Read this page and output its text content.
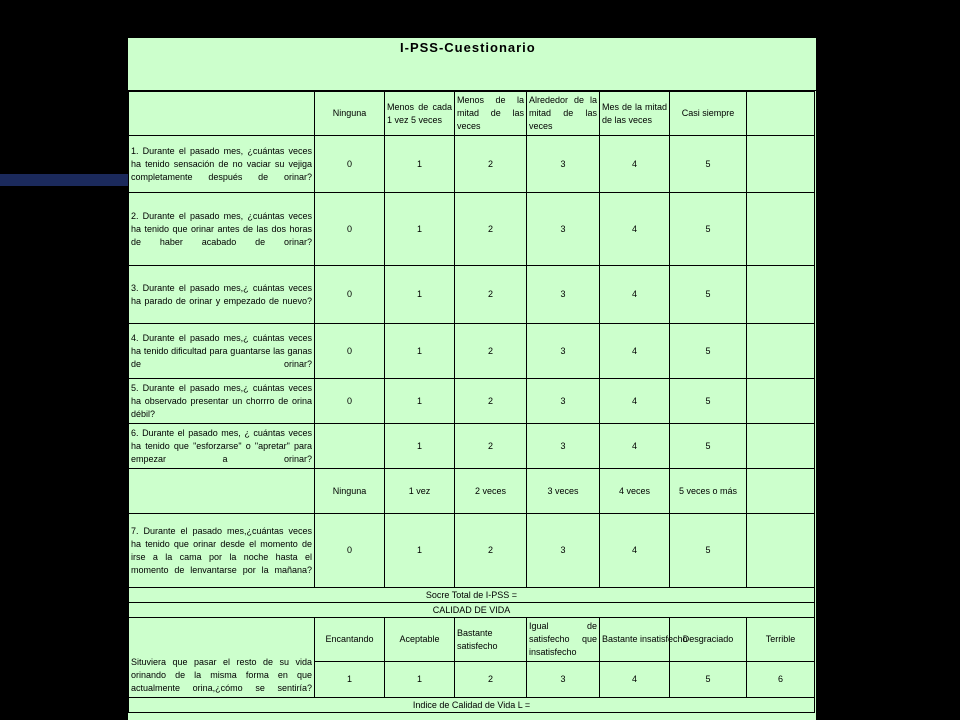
I-PSS-Cuestionario
	Ninguna	Menos de cada 1 vez 5 veces	Menos de la mitad de las veces	Alrededor de la mitad de las veces	Mes de la mitad de las veces	Casi siempre	
1. Durante el pasado mes, ¿cuántas veces ha tenido sensación de no vaciar su vejiga completamente después de orinar?	0	1	2	3	4	5	
2. Durante el pasado mes, ¿cuántas veces ha tenido que orinar antes de las dos horas de haber acabado de orinar?	0	1	2	3	4	5	
3. Durante el pasado mes,¿ cuántas veces ha parado de orinar y empezado de nuevo?	0	1	2	3	4	5	
4. Durante el pasado mes,¿ cuántas veces ha tenido dificultad para guantarse las ganas de orinar?	0	1	2	3	4	5	
5. Durante el pasado mes,¿ cuántas veces ha observado presentar un chorrro de orina débil?	0	1	2	3	4	5	
6. Durante el pasado mes, ¿ cuántas veces ha tenido que "esforzarse" o "apretar" para empezar a orinar?		1	2	3	4	5	
	Ninguna	1 vez	2 veces	3 veces	4 veces	5 veces o más	
7. Durante el pasado mes,¿cuántas veces ha tenido que orinar desde el momento de irse a la cama por la noche hasta el momento de lenvantarse por la mañana?	0	1	2	3	4	5	
Socre Total de I-PSS =							
CALIDAD DE VIDA							
Situviera que pasar el resto de su vida orinando de la misma forma en que actualmente orina,¿cómo se sentiría?	Encantando	Aceptable	Bastante satisfecho	Igual de satisfecho que insatisfecho	Bastante insatisfecho	Desgraciado	Terrible
	1	1	2	3	4	5	6
Indice de Calidad de Vida L =							
